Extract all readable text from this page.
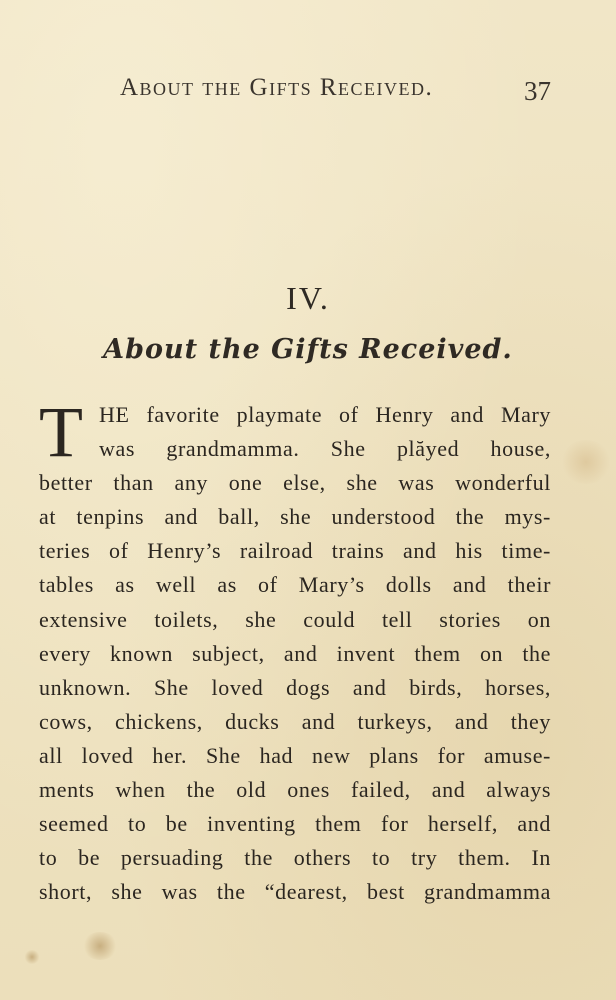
About the Gifts Received.	37
IV.
About the Gifts Received.
T HE favorite playmate of Henry and Mary
was grandmamma. She plăyed house,
better than any one else, she was wonderful
at tenpins and ball, she understood the mys-
teries of Henry’s railroad trains and his time-
tables as well as of Mary’s dolls and their
extensive toilets, she could tell stories on
every known subject, and invent them on the
unknown. She loved dogs and birds, horses,
cows, chickens, ducks and turkeys, and they
all loved her. She had new plans for amuse-
ments when the old ones failed, and always
seemed to be inventing them for herself, and
to be persuading the others to try them. In
short, she was the “dearest, best grandmamma
